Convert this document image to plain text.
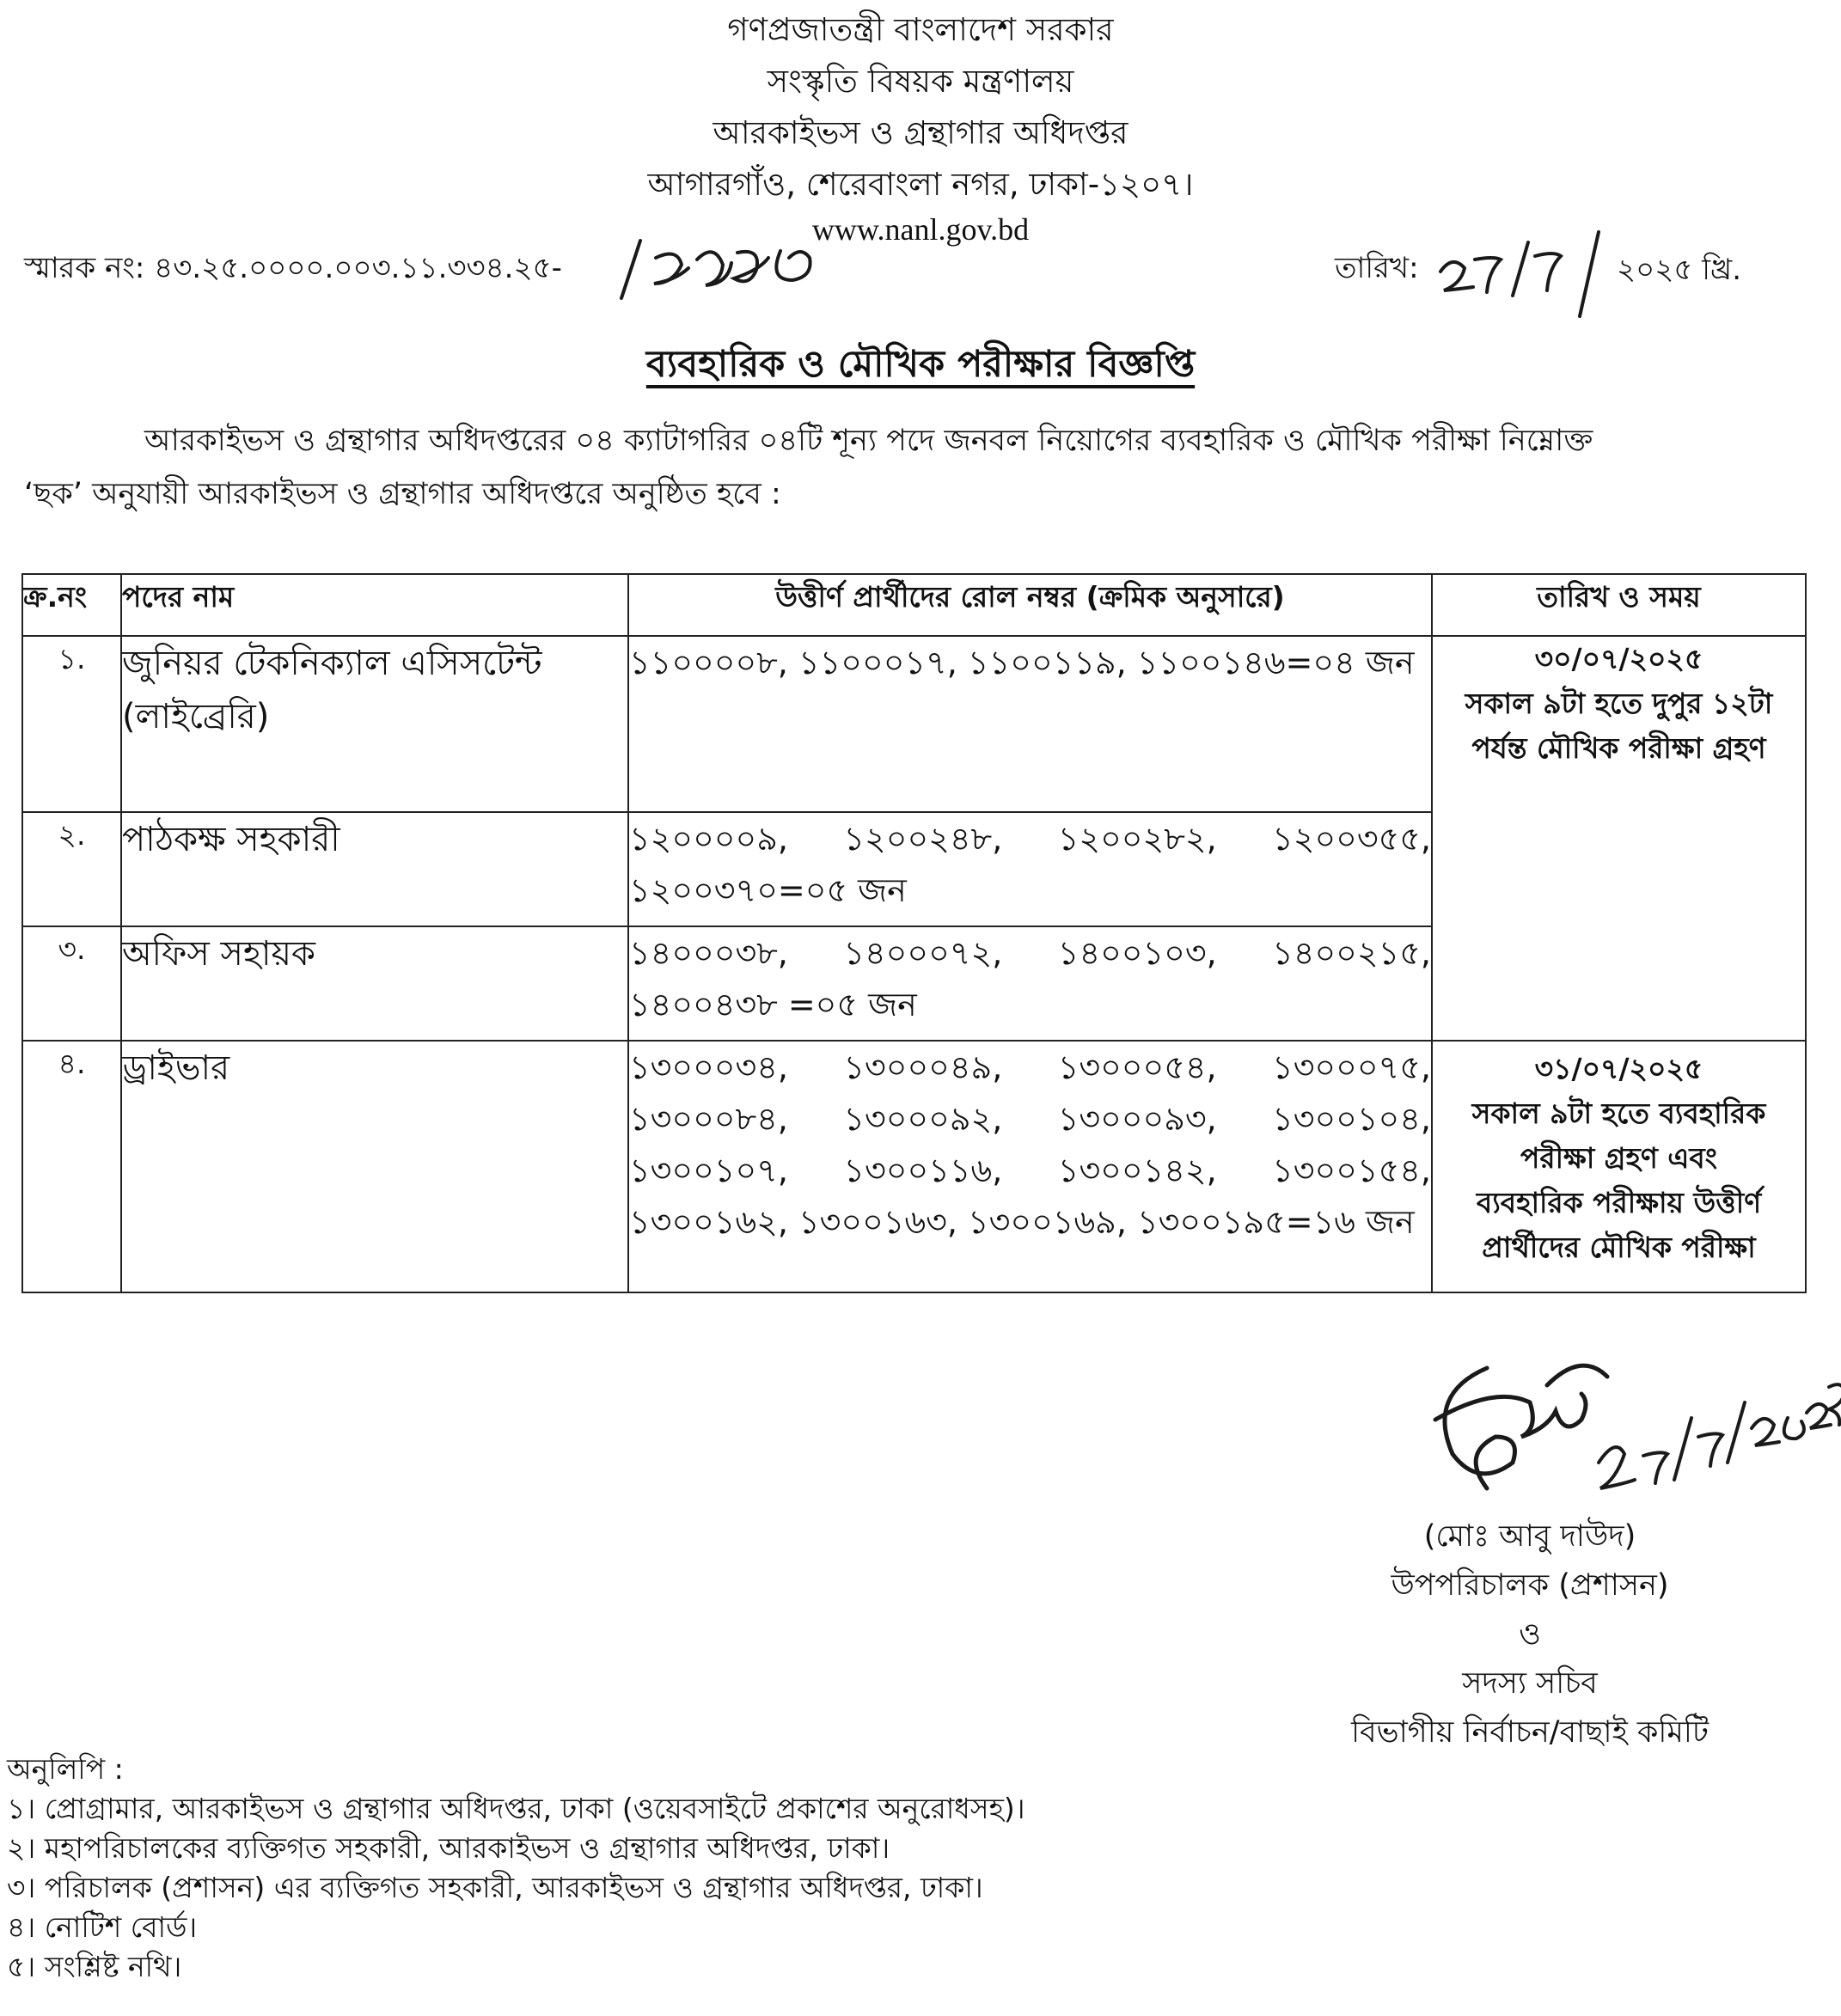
গণপ্রজাতন্ত্রী বাংলাদেশ সরকার
সংস্কৃতি বিষয়ক মন্ত্রণালয়
আরকাইভস ও গ্রন্থাগার অধিদপ্তর
আগারগাঁও, শেরেবাংলা নগর, ঢাকা-১২০৭।
www.nanl.gov.bd
স্মারক নং: ৪৩.২৫.০০০০.০০৩.১১.৩৩৪.২৫-	তারিখ:	২০২৫ খ্রি.
ব্যবহারিক ও মৌখিক পরীক্ষার বিজ্ঞপ্তি
আরকাইভস ও গ্রন্থাগার অধিদপ্তরের ০৪ ক্যাটাগরির ০৪টি শূন্য পদে জনবল নিয়োগের ব্যবহারিক ও মৌখিক পরীক্ষা নিম্নোক্ত
‘ছক’ অনুযায়ী আরকাইভস ও গ্রন্থাগার অধিদপ্তরে অনুষ্ঠিত হবে :
ক্র.নং	পদের নাম	উত্তীর্ণ প্রার্থীদের রোল নম্বর (ক্রমিক অনুসারে)	তারিখ ও সময়
১.	জুনিয়র টেকনিক্যাল এসিসটেন্ট (লাইব্রেরি)	১১০০০০৮, ১১০০০১৭, ১১০০১১৯, ১১০০১৪৬=০৪ জন	৩০/০৭/২০২৫
সকাল ৯টা হতে দুপুর ১২টা
পর্যন্ত মৌখিক পরীক্ষা গ্রহণ

২.	পাঠকক্ষ সহকারী	১২০০০০৯, ১২০০২৪৮, ১২০০২৮২, ১২০০৩৫৫, ১২০০৩৭০=০৫ জন	
৩.	অফিস সহায়ক	১৪০০০৩৮, ১৪০০০৭২, ১৪০০১০৩, ১৪০০২১৫, ১৪০০৪৩৮ =০৫ জন	
৪.	ড্রাইভার	১৩০০০৩৪, ১৩০০০৪৯, ১৩০০০৫৪, ১৩০০০৭৫, ১৩০০০৮৪, ১৩০০০৯২, ১৩০০০৯৩, ১৩০০১০৪, ১৩০০১০৭, ১৩০০১১৬, ১৩০০১৪২, ১৩০০১৫৪, ১৩০০১৬২, ১৩০০১৬৩, ১৩০০১৬৯, ১৩০০১৯৫=১৬ জন	৩১/০৭/২০২৫
সকাল ৯টা হতে ব্যবহারিক
পরীক্ষা গ্রহণ এবং
ব্যবহারিক পরীক্ষায় উত্তীর্ণ
প্রার্থীদের মৌখিক পরীক্ষা
(মোঃ আবু দাউদ)
উপপরিচালক (প্রশাসন)
ও
সদস্য সচিব
বিভাগীয় নির্বাচন/বাছাই কমিটি
অনুলিপি :
১। প্রোগ্রামার, আরকাইভস ও গ্রন্থাগার অধিদপ্তর, ঢাকা (ওয়েবসাইটে প্রকাশের অনুরোধসহ)।
২। মহাপরিচালকের ব্যক্তিগত সহকারী, আরকাইভস ও গ্রন্থাগার অধিদপ্তর, ঢাকা।
৩। পরিচালক (প্রশাসন) এর ব্যক্তিগত সহকারী, আরকাইভস ও গ্রন্থাগার অধিদপ্তর, ঢাকা।
৪। নোটিশ বোর্ড।
৫। সংশ্লিষ্ট নথি।
